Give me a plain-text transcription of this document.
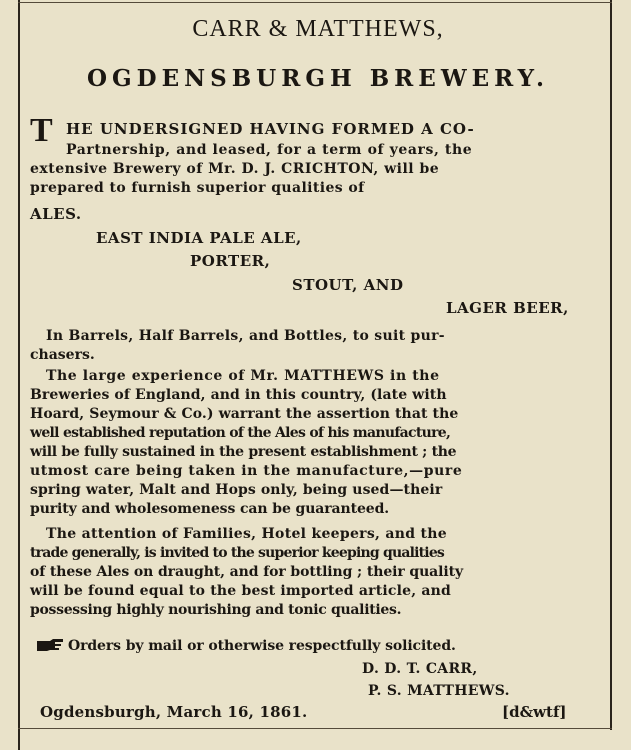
CARR & MATTHEWS,
OGDENSBURGH BREWERY.
T HE UNDERSIGNED HAVING FORMED A CO-
Partnership, and leased, for a term of years, the
extensive Brewery of Mr. D. J. CRICHTON, will be
prepared to furnish superior qualities of
ALES.
EAST INDIA PALE ALE,
PORTER,
STOUT, AND
LAGER BEER,
In Barrels, Half Barrels, and Bottles, to suit pur-
chasers.
The large experience of Mr. MATTHEWS in the
Breweries of England, and in this country, (late with
Hoard, Seymour & Co.) warrant the assertion that the
well established reputation of the Ales of his manufacture,
will be fully sustained in the present establishment ; the
utmost care being taken in the manufacture,—pure
spring water, Malt and Hops only, being used—their
purity and wholesomeness can be guaranteed.
The attention of Families, Hotel keepers, and the
trade generally, is invited to the superior keeping qualities
of these Ales on draught, and for bottling ; their quality
will be found equal to the best imported article, and
possessing highly nourishing and tonic qualities.
Orders by mail or otherwise respectfully solicited.
D. D. T. CARR,
P. S. MATTHEWS.
Ogdensburgh, March 16, 1861.	[d&wtf]
